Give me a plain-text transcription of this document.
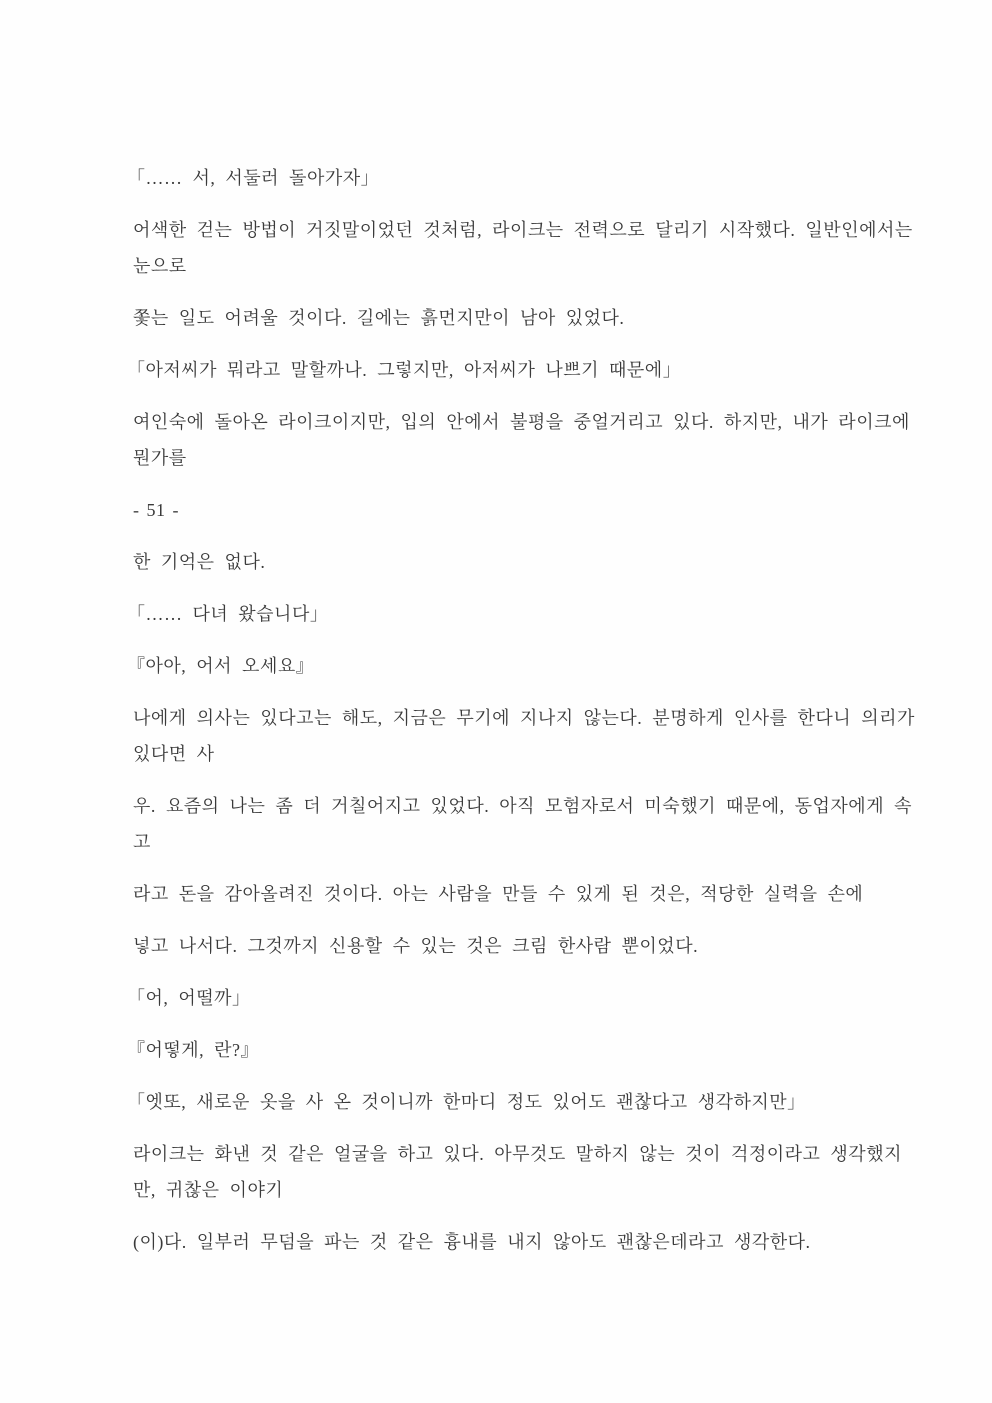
「…… 서, 서둘러 돌아가자」
어색한 걷는 방법이 거짓말이었던 것처럼, 라이크는 전력으로 달리기 시작했다. 일반인에서는
눈으로
쫓는 일도 어려울 것이다. 길에는 흙먼지만이 남아 있었다.
「아저씨가 뭐라고 말할까나. 그렇지만, 아저씨가 나쁘기 때문에」
여인숙에 돌아온 라이크이지만, 입의 안에서 불평을 중얼거리고 있다. 하지만, 내가 라이크에
뭔가를
- 51 -
한 기억은 없다.
「…… 다녀 왔습니다」
『아아, 어서 오세요』
나에게 의사는 있다고는 해도, 지금은 무기에 지나지 않는다. 분명하게 인사를 한다니 의리가
있다면 사
우. 요즘의 나는 좀 더 거칠어지고 있었다. 아직 모험자로서 미숙했기 때문에, 동업자에게 속
고
라고 돈을 감아올려진 것이다. 아는 사람을 만들 수 있게 된 것은, 적당한 실력을 손에
넣고 나서다. 그것까지 신용할 수 있는 것은 크림 한사람 뿐이었다.
「어, 어떨까」
『어떻게, 란?』
「엣또, 새로운 옷을 사 온 것이니까 한마디 정도 있어도 괜찮다고 생각하지만」
라이크는 화낸 것 같은 얼굴을 하고 있다. 아무것도 말하지 않는 것이 걱정이라고 생각했지
만, 귀찮은 이야기
(이)다. 일부러 무덤을 파는 것 같은 흉내를 내지 않아도 괜찮은데라고 생각한다.
